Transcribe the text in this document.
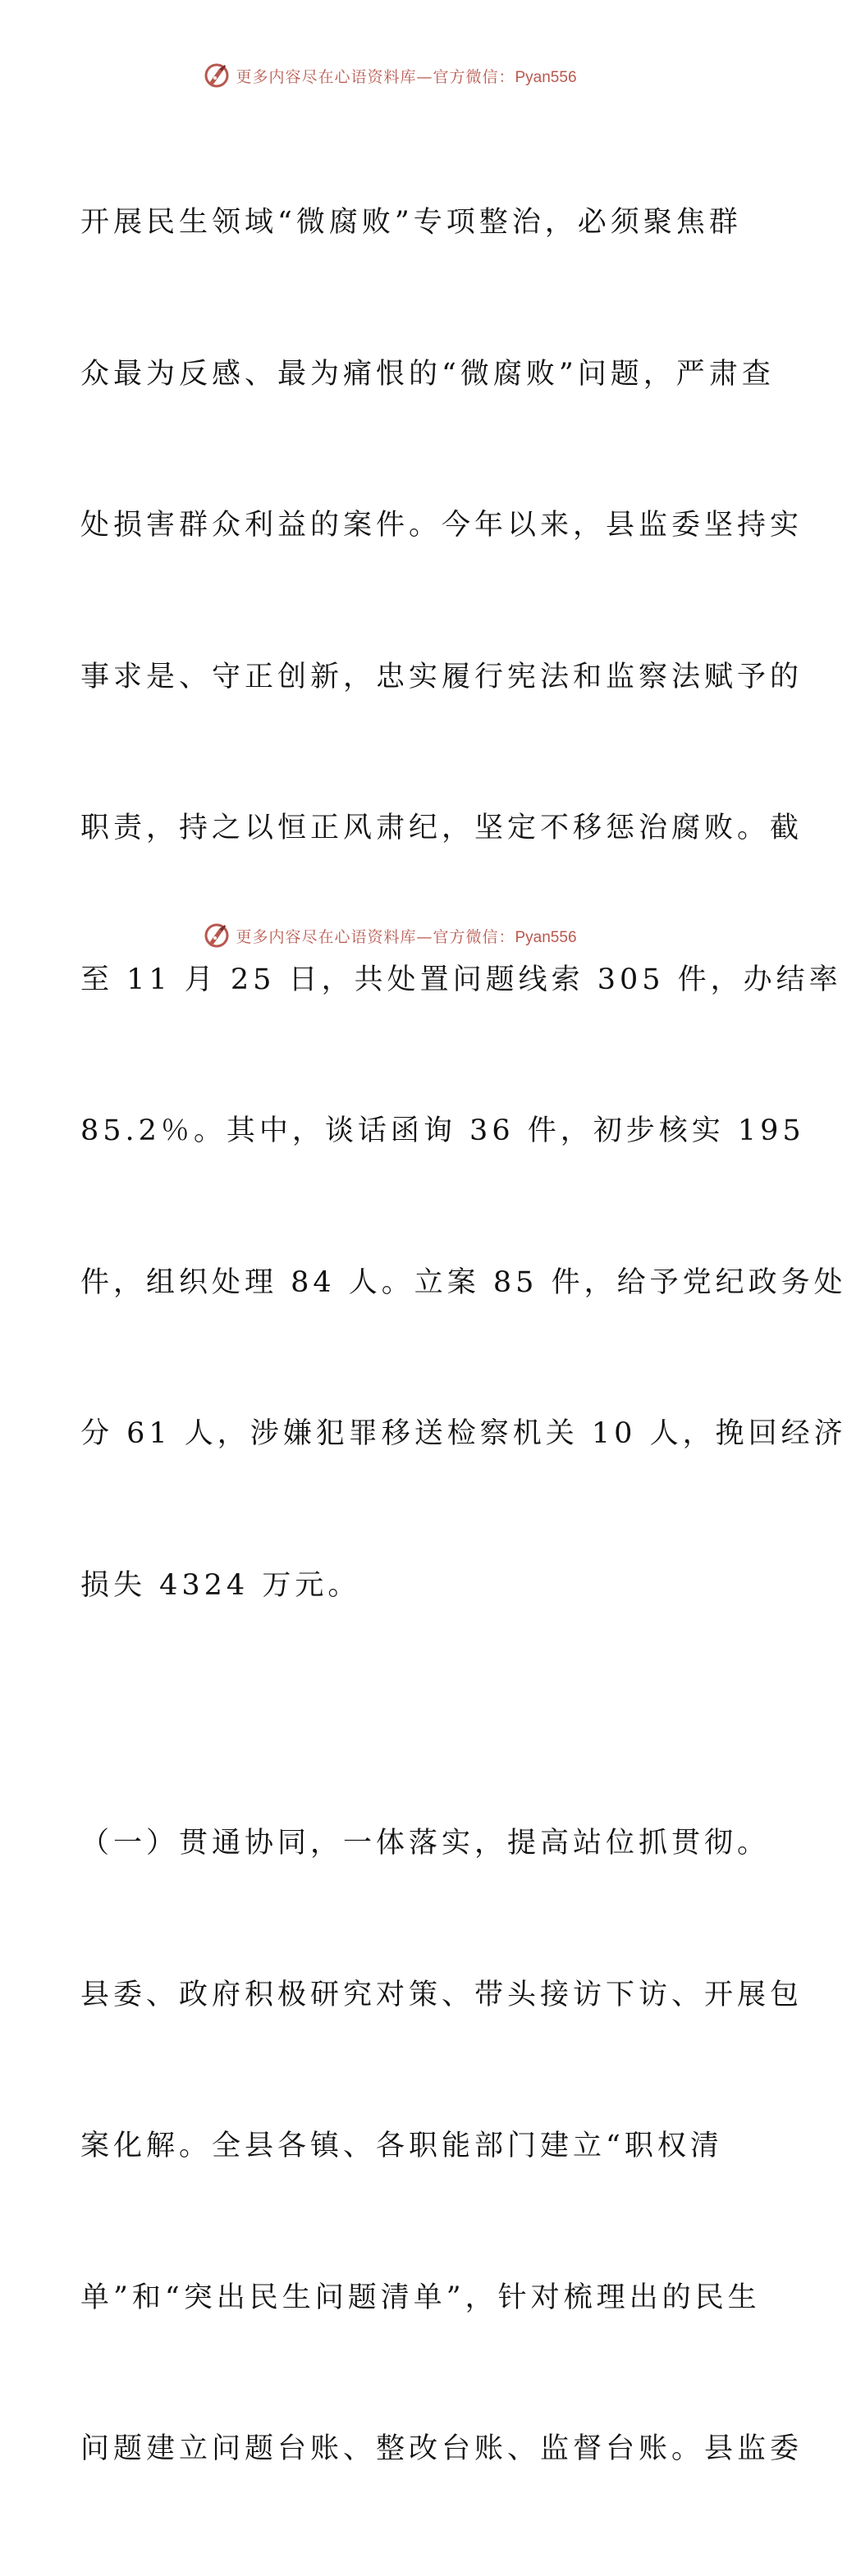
更多内容尽在心语资料库—官方微信：Pyan556

开展民生领域“微腐败”专项整治，必须聚焦群

众最为反感、最为痛恨的“微腐败”问题，严肃查

处损害群众利益的案件。今年以来，县监委坚持实

事求是、守正创新，忠实履行宪法和监察法赋予的

职责，持之以恒正风肃纪，坚定不移惩治腐败。截

至 11 月 25 日，共处置问题线索 305 件，办结率

85.2％。其中，谈话函询 36 件，初步核实 195

件，组织处理 84 人。立案 85 件，给予党纪政务处

分 61 人，涉嫌犯罪移送检察机关 10 人，挽回经济

损失 4324 万元。

（一）贯通协同，一体落实，提高站位抓贯彻。

县委、政府积极研究对策、带头接访下访、开展包

案化解。全县各镇、各职能部门建立“职权清

单”和“突出民生问题清单”，针对梳理出的民生

问题建立问题台账、整改台账、监督台账。县监委

更多内容尽在心语资料库—官方微信：Pyan556
